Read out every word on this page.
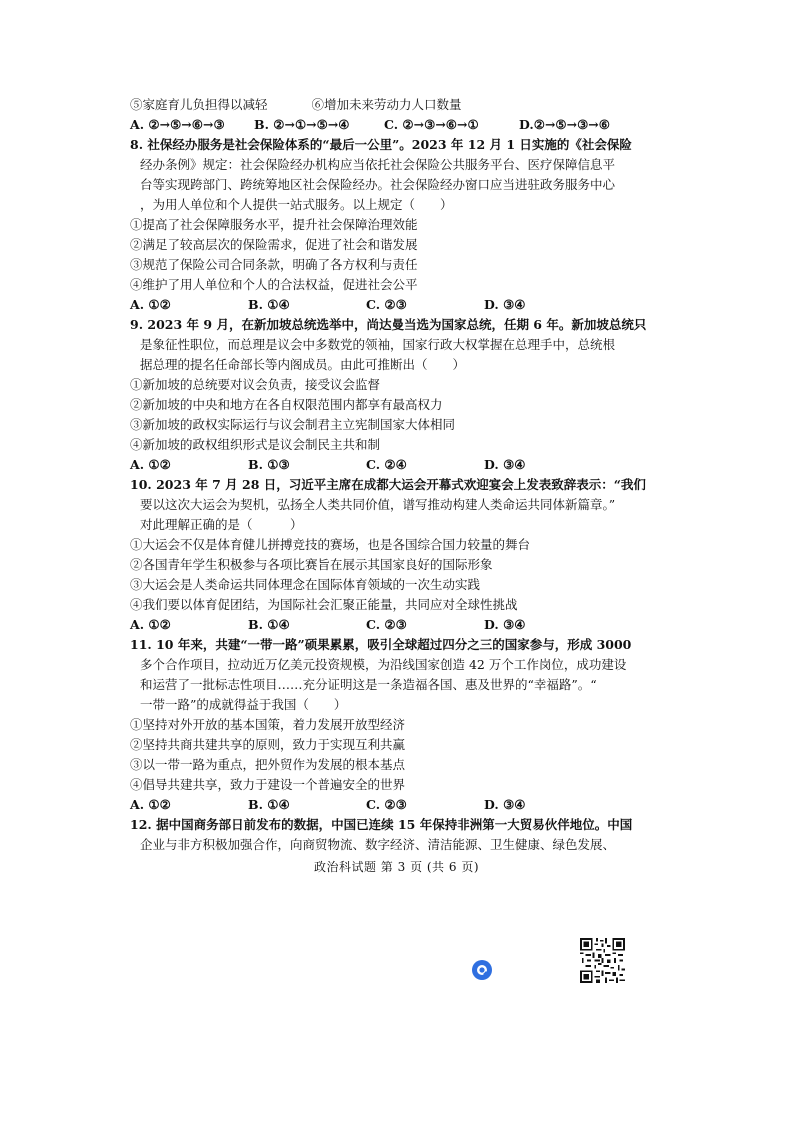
⑤家庭育儿负担得以减轻	⑥增加未来劳动力人口数量
A. ②→⑤→⑥→③	B. ②→①→⑤→④	C. ②→③→⑥→①	D.②→⑤→③→⑥
8. 社保经办服务是社会保险体系的“最后一公里”。2023 年 12 月 1 日实施的《社会保险
经办条例》规定：社会保险经办机构应当依托社会保险公共服务平台、医疗保障信息平
台等实现跨部门、跨统筹地区社会保险经办。社会保险经办窗口应当进驻政务服务中心
，为用人单位和个人提供一站式服务。以上规定（　　）
①提高了社会保障服务水平，提升社会保障治理效能
②满足了较高层次的保险需求，促进了社会和谐发展
③规范了保险公司合同条款，明确了各方权利与责任
④维护了用人单位和个人的合法权益，促进社会公平
A. ①②	B. ①④	C. ②③	D. ③④
9. 2023 年 9 月，在新加坡总统选举中，尚达曼当选为国家总统，任期 6 年。新加坡总统只
是象征性职位，而总理是议会中多数党的领袖，国家行政大权掌握在总理手中，总统根
据总理的提名任命部长等内阁成员。由此可推断出（　　）
①新加坡的总统要对议会负责，接受议会监督
②新加坡的中央和地方在各自权限范围内都享有最高权力
③新加坡的政权实际运行与议会制君主立宪制国家大体相同
④新加坡的政权组织形式是议会制民主共和制
A. ①②	B. ①③	C. ②④	D. ③④
10. 2023 年 7 月 28 日，习近平主席在成都大运会开幕式欢迎宴会上发表致辞表示：“我们
要以这次大运会为契机，弘扬全人类共同价值，谱写推动构建人类命运共同体新篇章。”
对此理解正确的是（　　　）
①大运会不仅是体育健儿拼搏竞技的赛场，也是各国综合国力较量的舞台
②各国青年学生积极参与各项比赛旨在展示其国家良好的国际形象
③大运会是人类命运共同体理念在国际体育领域的一次生动实践
④我们要以体育促团结，为国际社会汇聚正能量，共同应对全球性挑战
A. ①②	B. ①④	C. ②③	D. ③④
11. 10 年来，共建“一带一路”硕果累累，吸引全球超过四分之三的国家参与，形成 3000
多个合作项目，拉动近万亿美元投资规模，为沿线国家创造 42 万个工作岗位，成功建设
和运营了一批标志性项目……充分证明这是一条造福各国、惠及世界的“幸福路”。“
一带一路”的成就得益于我国（　　）
①坚持对外开放的基本国策，着力发展开放型经济
②坚持共商共建共享的原则，致力于实现互利共赢
③以一带一路为重点，把外贸作为发展的根本基点
④倡导共建共享，致力于建设一个普遍安全的世界
A. ①②	B. ①④	C. ②③	D. ③④
12. 据中国商务部日前发布的数据，中国已连续 15 年保持非洲第一大贸易伙伴地位。中国
企业与非方积极加强合作，向商贸物流、数字经济、清洁能源、卫生健康、绿色发展、
政治科试题 第 3 页 (共 6 页)
